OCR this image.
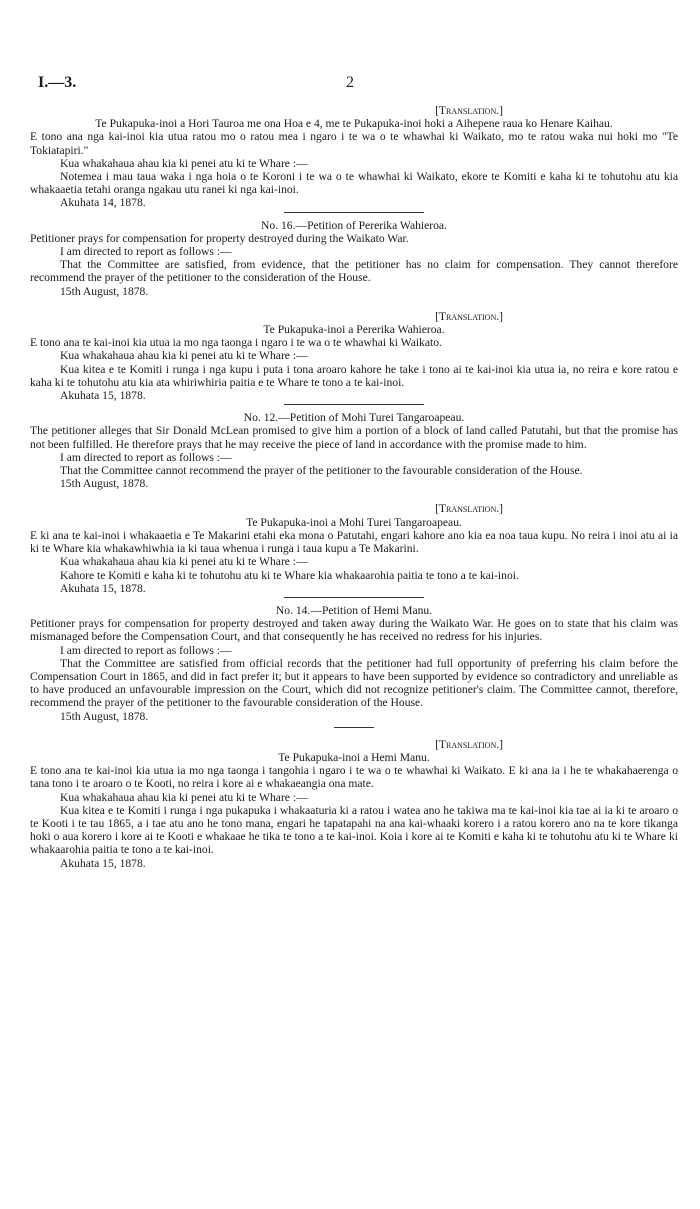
I.—3.	2
[Translation.]

Te Pukapuka-inoi a Hori Tauroa me ona Hoa e 4, me te Pukapuka-inoi hoki a Aihepene raua ko Henare Kaihau.

E tono ana nga kai-inoi kia utua ratou mo o ratou mea i ngaro i te wa o te whawhai ki Waikato, mo te ratou waka nui hoki mo "Te Tokiatapiri."

Kua whakahaua ahau kia ki penei atu ki te Whare :—

Notemea i mau taua waka i nga hoia o te Koroni i te wa o te whawhai ki Waikato, ekore te Komiti e kaha ki te tohutohu atu kia whakaaetia tetahi oranga ngakau utu ranei ki nga kai-inoi.

Akuhata 14, 1878.

No. 16.—Petition of Pererika Wahieroa.

Petitioner prays for compensation for property destroyed during the Waikato War.

I am directed to report as follows :—

That the Committee are satisfied, from evidence, that the petitioner has no claim for compensation. They cannot therefore recommend the prayer of the petitioner to the consideration of the House.

15th August, 1878.

[Translation.]
Te Pukapuka-inoi a Pererika Wahieroa.

E tono ana te kai-inoi kia utua ia mo nga taonga i ngaro i te wa o te whawhai ki Waikato.

Kua whakahaua ahau kia ki penei atu ki te Whare :—

Kua kitea e te Komiti i runga i nga kupu i puta i tona aroaro kahore he take i tono ai te kai-inoi kia utua ia, no reira e kore ratou e kaha ki te tohutohu atu kia ata whiriwhiria paitia e te Whare te tono a te kai-inoi.

Akuhata 15, 1878.

No. 12.—Petition of Mohi Turei Tangaroapeau.

The petitioner alleges that Sir Donald McLean promised to give him a portion of a block of land called Patutahi, but that the promise has not been fulfilled. He therefore prays that he may receive the piece of land in accordance with the promise made to him.

I am directed to report as follows :—

That the Committee cannot recommend the prayer of the petitioner to the favourable consideration of the House.

15th August, 1878.

[Translation.]
Te Pukapuka-inoi a Mohi Turei Tangaroapeau.

E ki ana te kai-inoi i whakaaetia e Te Makarini etahi eka mona o Patutahi, engari kahore ano kia ea noa taua kupu. No reira i inoi atu ai ia ki te Whare kia whakawhiwhia ia ki taua whenua i runga i taua kupu a Te Makarini.

Kua whakahaua ahau kia ki penei atu ki te Whare :—

Kahore te Komiti e kaha ki te tohutohu atu ki te Whare kia whakaarohia paitia te tono a te kai-inoi.

Akuhata 15, 1878.

No. 14.—Petition of Hemi Manu.

Petitioner prays for compensation for property destroyed and taken away during the Waikato War. He goes on to state that his claim was mismanaged before the Compensation Court, and that consequently he has received no redress for his injuries.

I am directed to report as follows :—

That the Committee are satisfied from official records that the petitioner had full opportunity of preferring his claim before the Compensation Court in 1865, and did in fact prefer it; but it appears to have been supported by evidence so contradictory and unreliable as to have produced an unfavourable impression on the Court, which did not recognize petitioner's claim. The Committee cannot, therefore, recommend the prayer of the petitioner to the favourable consideration of the House.

15th August, 1878.

[Translation.]
Te Pukapuka-inoi a Hemi Manu.

E tono ana te kai-inoi kia utua ia mo nga taonga i tangohia i ngaro i te wa o te whawhai ki Waikato. E ki ana ia i he te whakahaerenga o tana tono i te aroaro o te Kooti, no reira i kore ai e whakaeangia ona mate.

Kua whakahaua ahau kia ki penei atu ki te Whare :—

Kua kitea e te Komiti i runga i nga pukapuka i whakaaturia ki a ratou i watea ano he takiwa ma te kai-inoi kia tae ai ia ki te aroaro o te Kooti i te tau 1865, a i tae atu ano he tono mana, engari he tapatapahi na ana kai-whaaki korero i a ratou korero ano na te kore tikanga hoki o aua korero i kore ai te Kooti e whakaae he tika te tono a te kai-inoi. Koia i kore ai te Komiti e kaha ki te tohutohu atu ki te Whare ki whakaarohia paitia te tono a te kai-inoi.

Akuhata 15, 1878.
